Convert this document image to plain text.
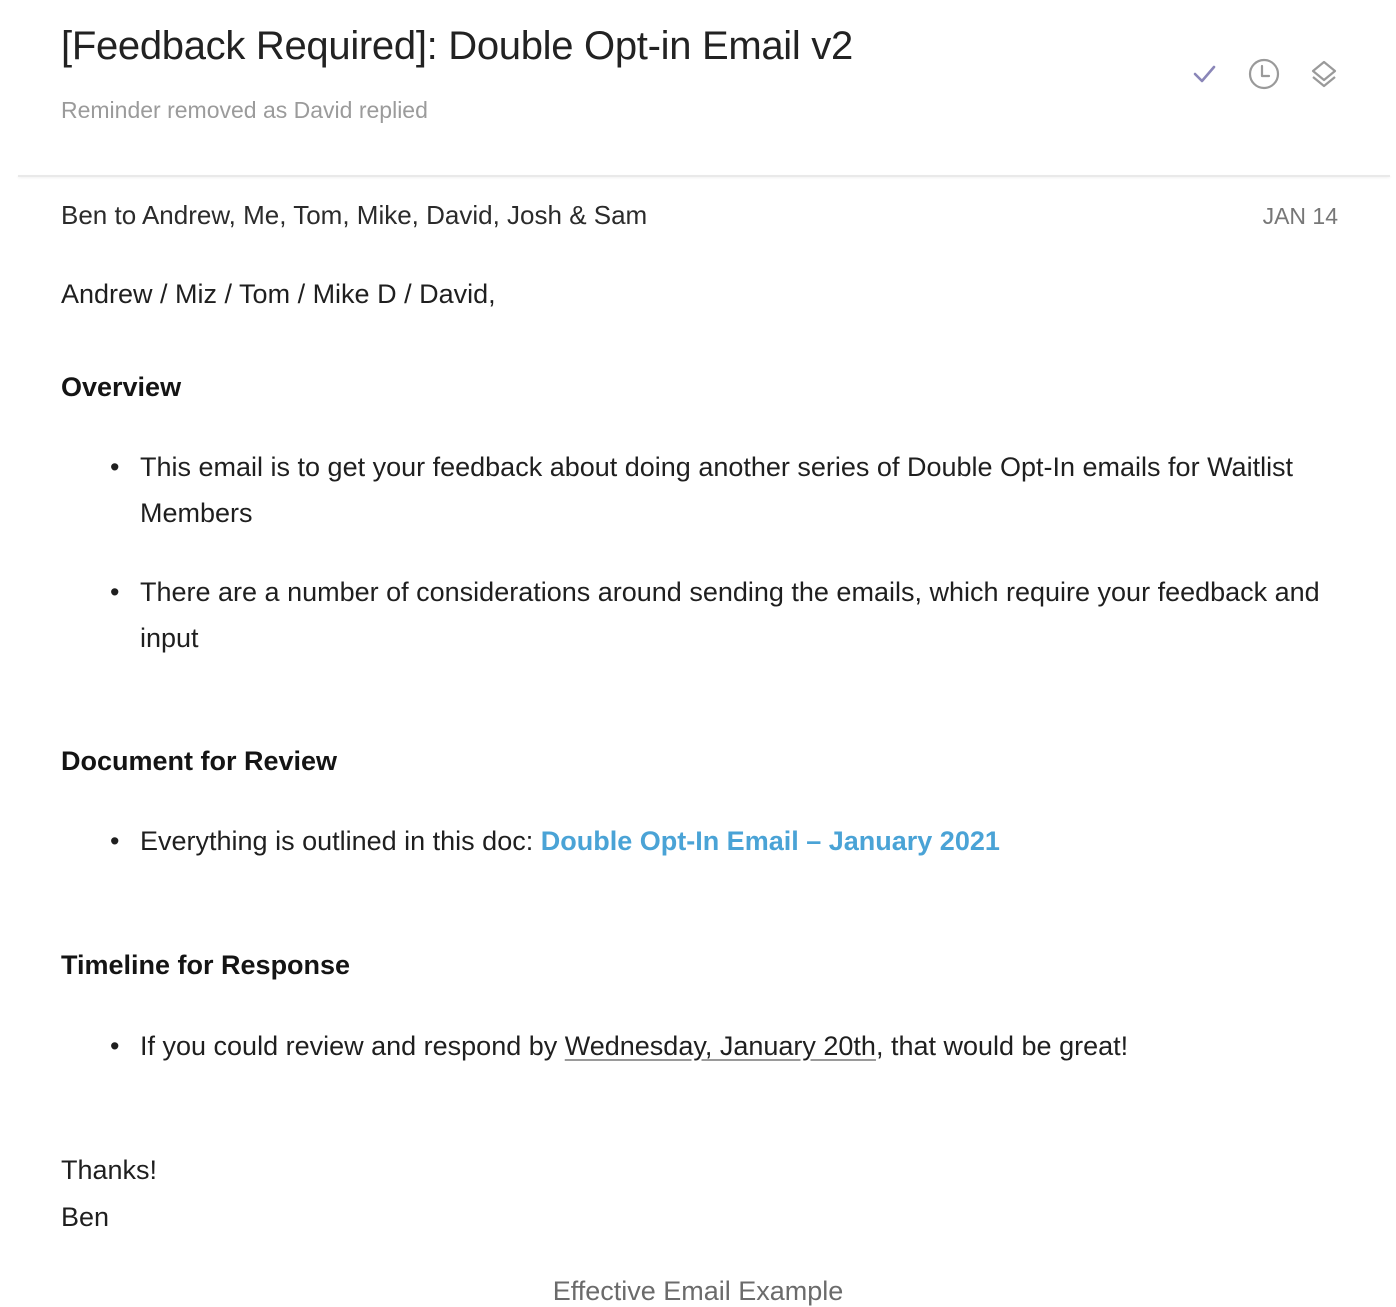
[Feedback Required]: Double Opt-in Email v2
Reminder removed as David replied
Ben to Andrew, Me, Tom, Mike, David, Josh & Sam	JAN 14
Andrew / Miz / Tom / Mike D / David,
Overview
• This email is to get your feedback about doing another series of Double Opt-In emails for Waitlist Members
• There are a number of considerations around sending the emails, which require your feedback and input
Document for Review
• Everything is outlined in this doc: Double Opt-In Email – January 2021
Timeline for Response
• If you could review and respond by Wednesday, January 20th, that would be great!
Thanks!
Ben
Effective Email Example
